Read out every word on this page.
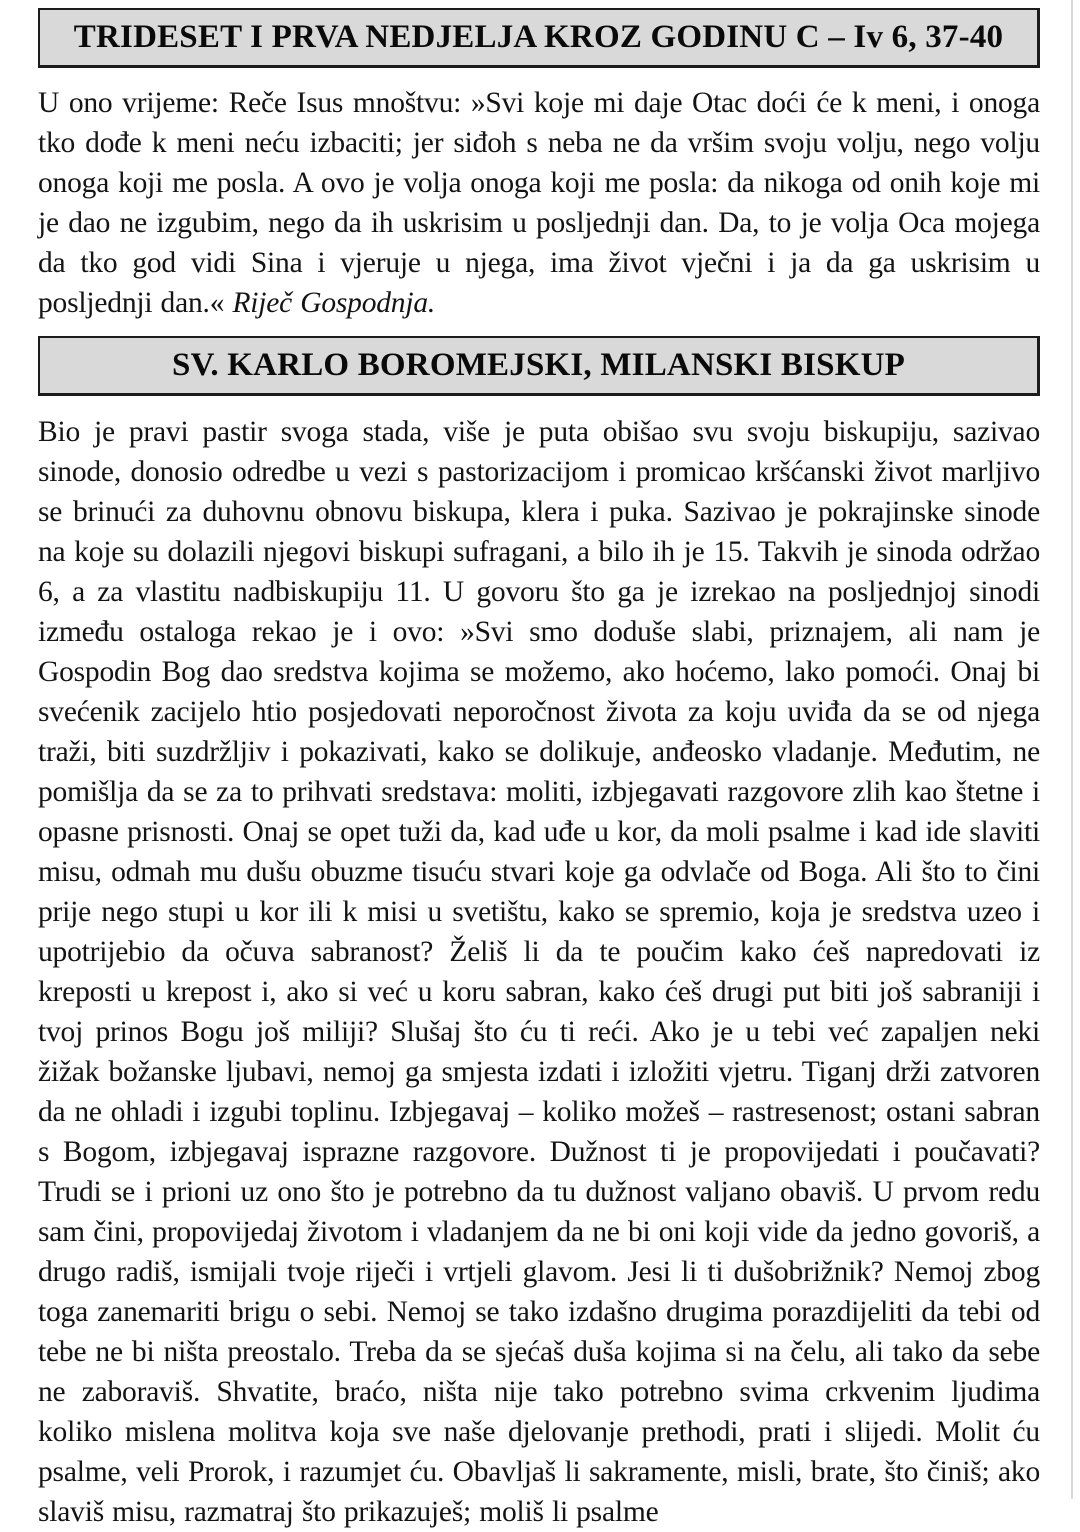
TRIDESET I PRVA NEDJELJA KROZ GODINU C – Iv 6, 37-40

U ono vrijeme: Reče Isus mnoštvu: »Svi koje mi daje Otac doći će k meni, i onoga tko dođe k meni neću izbaciti; jer siđoh s neba ne da vršim svoju volju, nego volju onoga koji me posla. A ovo je volja onoga koji me posla: da nikoga od onih koje mi je dao ne izgubim, nego da ih uskrisim u posljednji dan. Da, to je volja Oca mojega da tko god vidi Sina i vjeruje u njega, ima život vječni i ja da ga uskrisim u posljednji dan.« Riječ Gospodnja.

SV. KARLO BOROMEJSKI, MILANSKI BISKUP

Bio je pravi pastir svoga stada, više je puta obišao svu svoju biskupiju, sazivao sinode, donosio odredbe u vezi s pastorizacijom i promicao kršćanski život marljivo se brinući za duhovnu obnovu biskupa, klera i puka. Sazivao je pokrajinske sinode na koje su dolazili njegovi biskupi sufragani, a bilo ih je 15. Takvih je sinoda održao 6, a za vlastitu nadbiskupiju 11. U govoru što ga je izrekao na posljednjoj sinodi između ostaloga rekao je i ovo: »Svi smo doduše slabi, priznajem, ali nam je Gospodin Bog dao sredstva kojima se možemo, ako hoćemo, lako pomoći. Onaj bi svećenik zacijelo htio posjedovati neporočnost života za koju uviđa da se od njega traži, biti suzdržljiv i pokazivati, kako se dolikuje, anđeosko vladanje. Međutim, ne pomišlja da se za to prihvati sredstava: moliti, izbjegavati razgovore zlih kao štetne i opasne prisnosti. Onaj se opet tuži da, kad uđe u kor, da moli psalme i kad ide slaviti misu, odmah mu dušu obuzme tisuću stvari koje ga odvlače od Boga. Ali što to čini prije nego stupi u kor ili k misi u svetištu, kako se spremio, koja je sredstva uzeo i upotrijebio da očuva sabranost? Želiš li da te poučim kako ćeš napredovati iz kreposti u krepost i, ako si već u koru sabran, kako ćeš drugi put biti još sabraniji i tvoj prinos Bogu još miliji? Slušaj što ću ti reći. Ako je u tebi već zapaljen neki žižak božanske ljubavi, nemoj ga smjesta izdati i izložiti vjetru. Tiganj drži zatvoren da ne ohladi i izgubi toplinu. Izbjegavaj – koliko možeš – rastresenost; ostani sabran s Bogom, izbjegavaj isprazne razgovore. Dužnost ti je propovijedati i poučavati? Trudi se i prioni uz ono što je potrebno da tu dužnost valjano obaviš. U prvom redu sam čini, propovijedaj životom i vladanjem da ne bi oni koji vide da jedno govoriš, a drugo radiš, ismijali tvoje riječi i vrtjeli glavom. Jesi li ti dušobrižnik? Nemoj zbog toga zanemariti brigu o sebi. Nemoj se tako izdašno drugima porazdijeliti da tebi od tebe ne bi ništa preostalo. Treba da se sjećaš duša kojima si na čelu, ali tako da sebe ne zaboraviš. Shvatite, braćo, ništa nije tako potrebno svima crkvenim ljudima koliko mislena molitva koja sve naše djelovanje prethodi, prati i slijedi. Molit ću psalme, veli Prorok, i razumjet ću. Obavljaš li sakramente, misli, brate, što činiš; ako slaviš misu, razmatraj što prikazuješ; moliš li psalme
